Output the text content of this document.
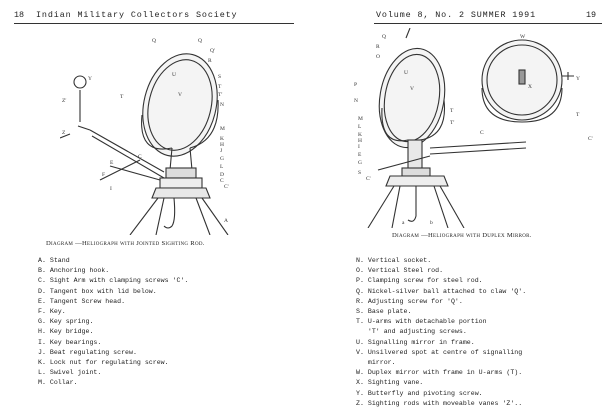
18 Indian Military Collectors Society
Q	Q
Q'
R
U
V
S
T
T'
N
T
M
K
H
J
G
L
D
C
C'
Z'
Z
Y
E
F
I
A
C
Diagram —Heliograph with Jointed Sighting Rod.
A. Stand
B. Anchoring hook.
C. Sight Arm with clamping screws 'C'.
D. Tangent box with lid below.
E. Tangent Screw head.
F. Key.
G. Key spring.
H. Key bridge.
I. Key bearings.
J. Beat regulating screw.
K. Lock nut for regulating screw.
L. Swivel joint.
M. Collar.
Volume 8, No. 2 SUMMER 1991	19
Q
R
O
U
V
P
N
M
L
K
H
I
E
G
S
T
T'
C
C'
W
X
Y
T
a	b
C'
Diagram —Heliograph with Duplex Mirror.
N. Vertical socket.
O. Vertical Steel rod.
P. Clamping screw for steel rod.
Q. Nickel-silver ball attached to claw 'Q'.
R. Adjusting screw for 'Q'.
S. Base plate.
T. U-arms with detachable portion
'T' and adjusting screws.
U. Signalling mirror in frame.
V. Unsilvered spot at centre of signalling
mirror.
W. Duplex mirror with frame in U-arms (T).
X. Sighting vane.
Y. Butterfly and pivoting screw.
Z. Sighting rods with moveable vanes 'Z'..
